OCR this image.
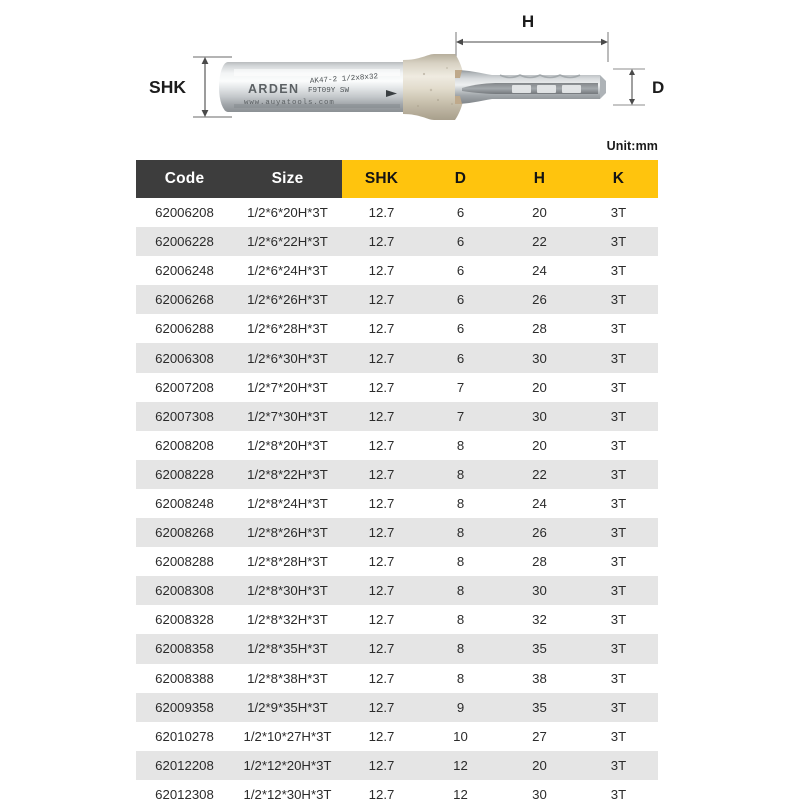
SHK
H
D
ARDEN
AK47-2 1/2x8x32
F9T09Y SW
www.auyatools.com
Unit:mm
Code	Size	SHK	D	H	K
62006208	1/2*6*20H*3T	12.7	6	20	3T
62006228	1/2*6*22H*3T	12.7	6	22	3T
62006248	1/2*6*24H*3T	12.7	6	24	3T
62006268	1/2*6*26H*3T	12.7	6	26	3T
62006288	1/2*6*28H*3T	12.7	6	28	3T
62006308	1/2*6*30H*3T	12.7	6	30	3T
62007208	1/2*7*20H*3T	12.7	7	20	3T
62007308	1/2*7*30H*3T	12.7	7	30	3T
62008208	1/2*8*20H*3T	12.7	8	20	3T
62008228	1/2*8*22H*3T	12.7	8	22	3T
62008248	1/2*8*24H*3T	12.7	8	24	3T
62008268	1/2*8*26H*3T	12.7	8	26	3T
62008288	1/2*8*28H*3T	12.7	8	28	3T
62008308	1/2*8*30H*3T	12.7	8	30	3T
62008328	1/2*8*32H*3T	12.7	8	32	3T
62008358	1/2*8*35H*3T	12.7	8	35	3T
62008388	1/2*8*38H*3T	12.7	8	38	3T
62009358	1/2*9*35H*3T	12.7	9	35	3T
62010278	1/2*10*27H*3T	12.7	10	27	3T
62012208	1/2*12*20H*3T	12.7	12	20	3T
62012308	1/2*12*30H*3T	12.7	12	30	3T
